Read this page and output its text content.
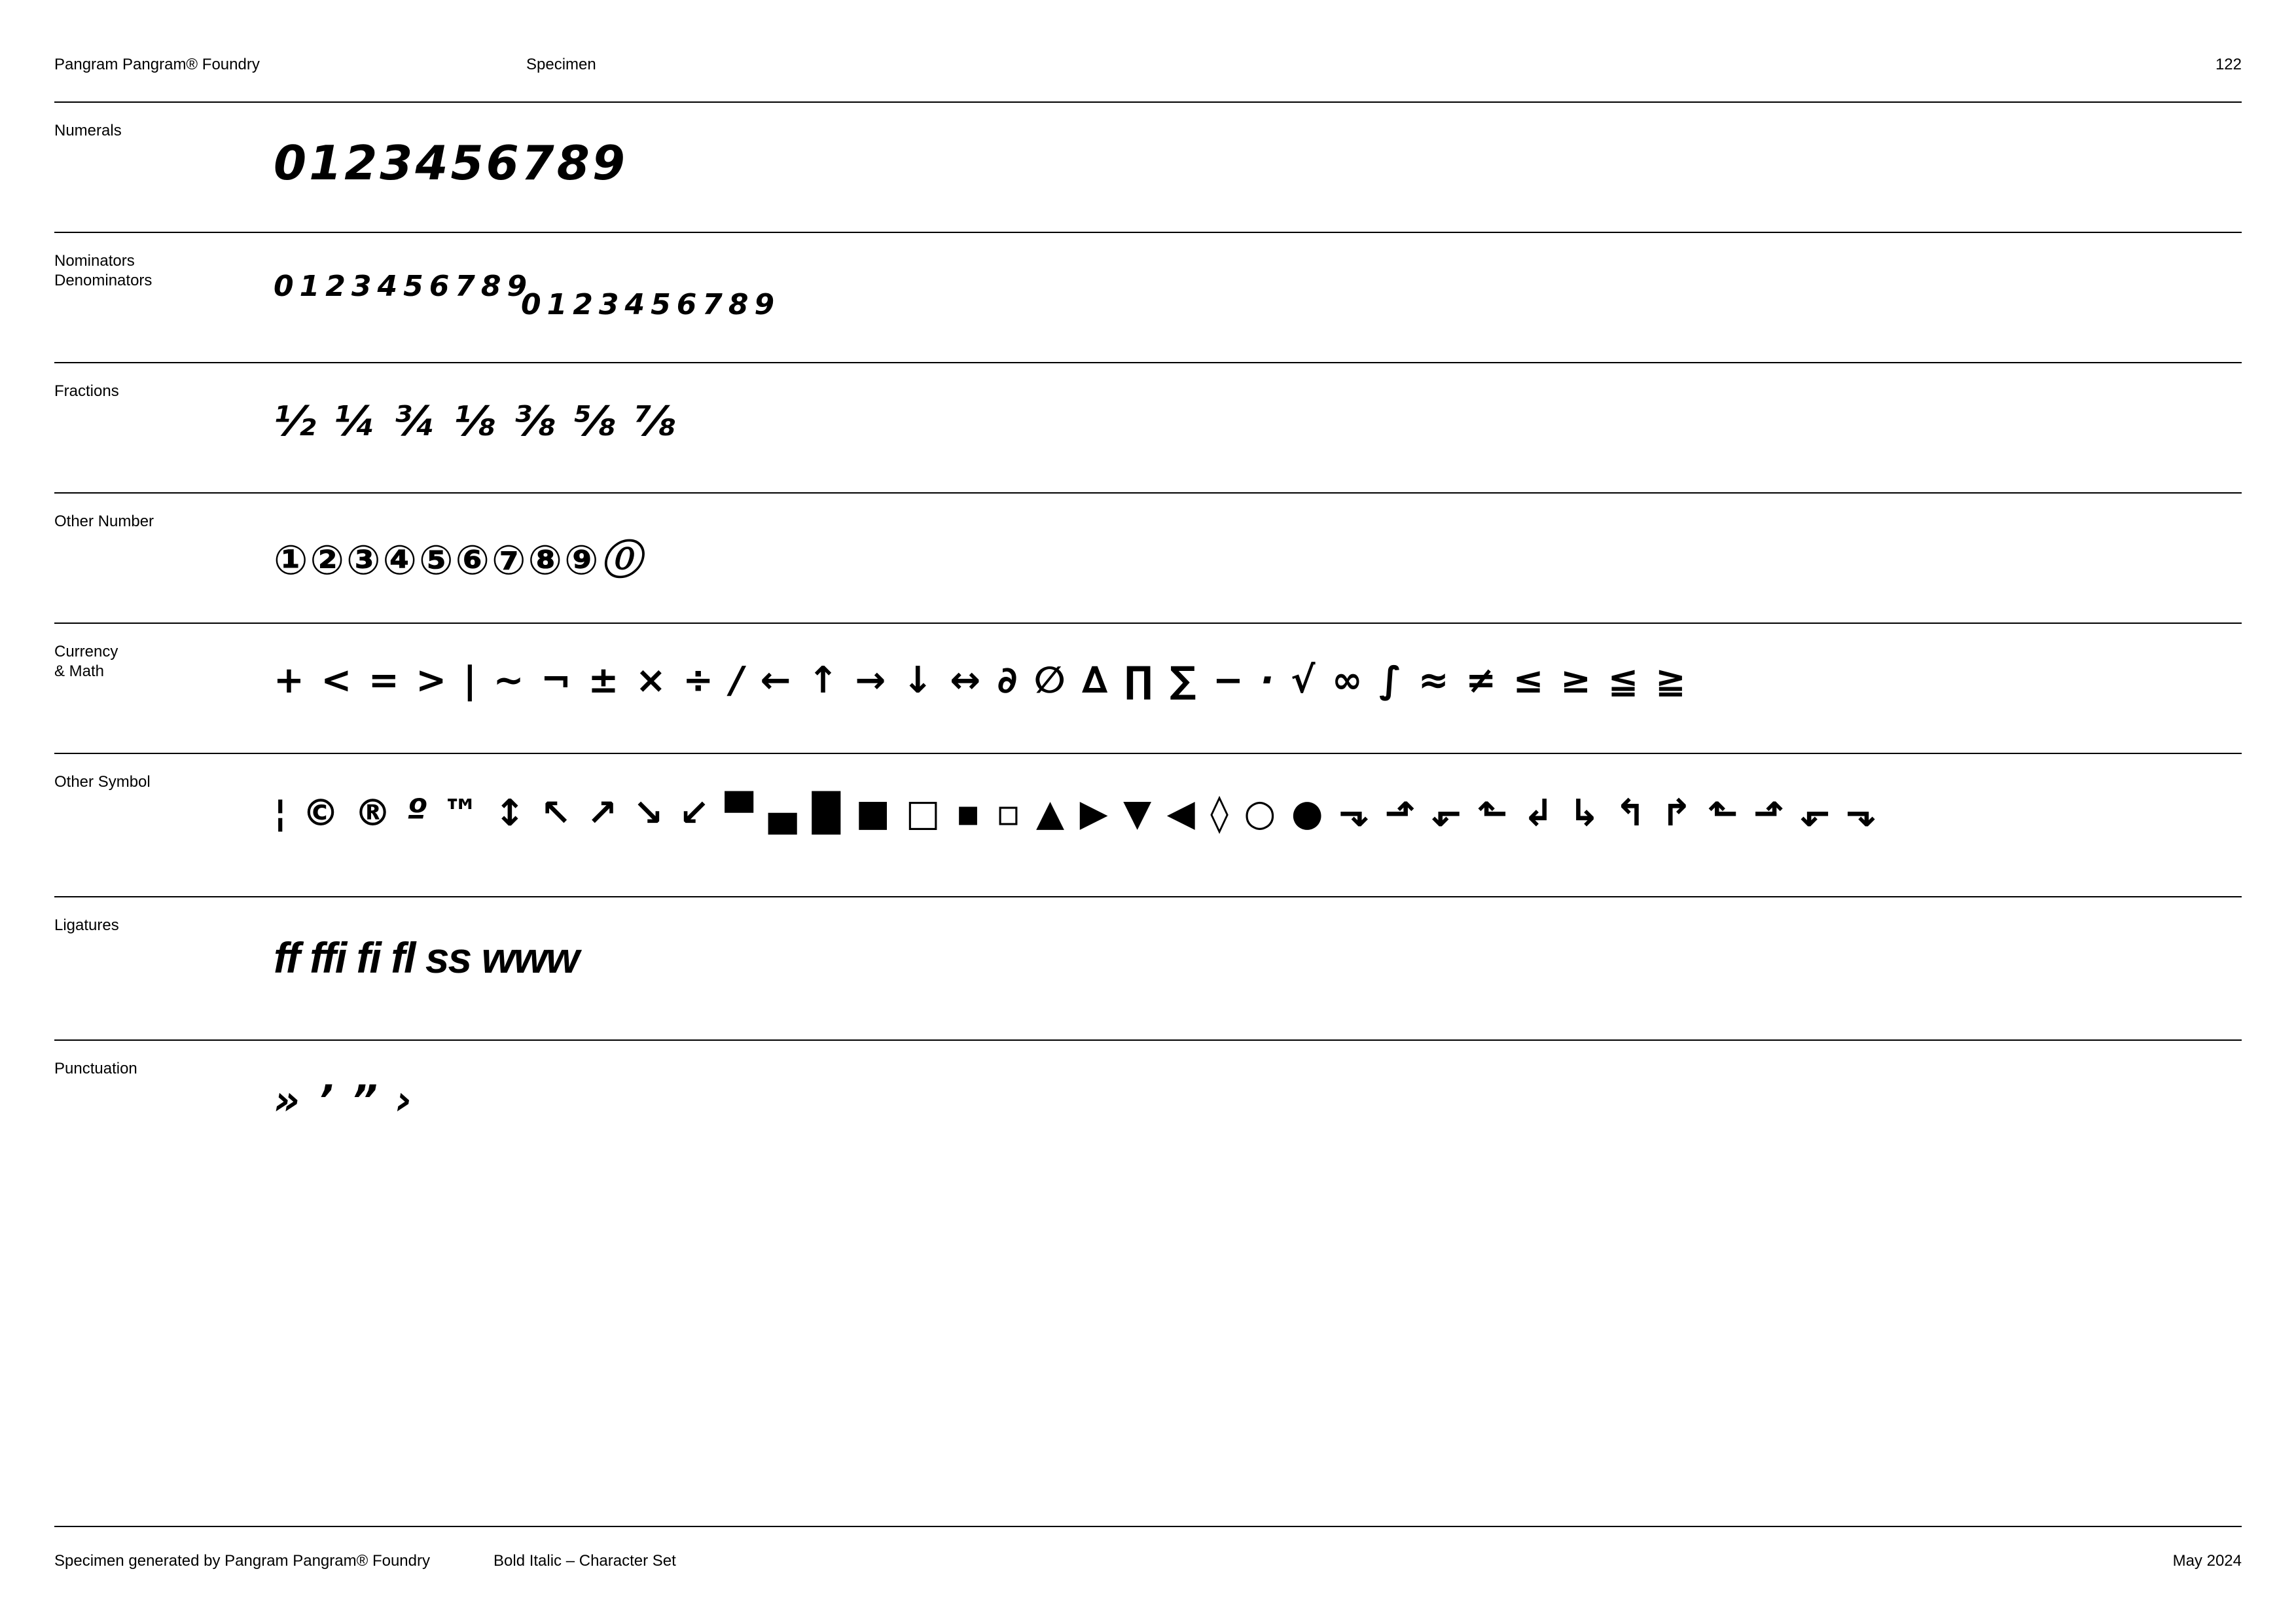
Pangram Pangram® Foundry	Specimen	122
Numerals
0123456789
Nominators
Denominators	0123456789
0123456789
Fractions
½ ¼ ¾ ⅛ ⅜ ⅝ ⅞
Other Number
①②③④⑤⑥⑦⑧⑨⓪
Currency
& Math	+ < = > | ~ ¬ ± × ÷ ∕ ← ↑ → ↓ ↔ ∂ ∅ ∆ ∏ ∑ − · √ ∞ ∫ ≈ ≠ ≤ ≥ ≦ ≧
Other Symbol
¦ © ® º ™ ↕ ↖ ↗ ↘ ↙ ▀ ▄ █ ■ □ ▪ ▫ ▲ ▶ ▼ ◀ ◊ ○ ● ⬎ ⬏ ⬐ ⬑ ↲ ↳ ↰ ↱ ⬑ ⬏ ⬐ ⬎
Ligatures
ff ffi fi fl ss www
Punctuation
» ’ ” ›
Specimen generated by Pangram Pangram® Foundry	Bold Italic – Character Set	May 2024
